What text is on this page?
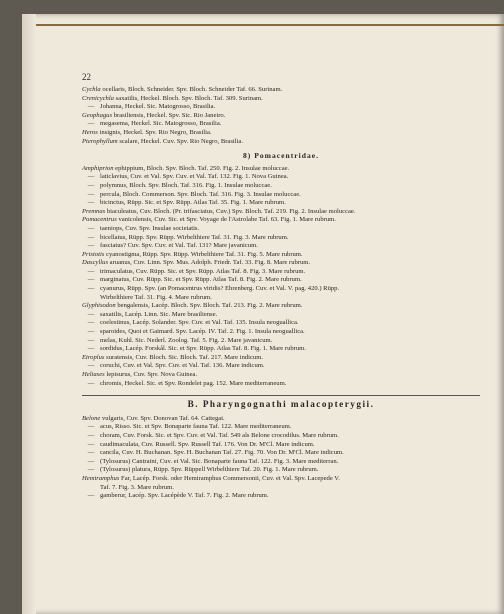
22
Cychla ocellaris, Bloch. Schneider. Spv. Bloch. Schneider Taf. 66. Surinam.
Crenicychla saxatilis, Heckel. Bloch. Spv. Bloch. Taf. 309. Surinam.
— Johanna, Heckel. Sic. Matogrosso, Brasilia.
Geophagus brasiliensis, Heckel. Spv. Sic. Rio Janeiro.
— megasema, Heckel. Sic. Matogrosso, Brasilia.
Heros insignis, Heckel. Spv. Rio Negro, Brasilia.
Pterophyllum scalare, Heckel. Cuv. Spv. Rio Negro, Brasilia.
8) Pomacentridae.
Amphiprion ephippium, Bloch. Spv. Bloch. Taf. 250. Fig. 2. Insulae moluccae.
— laticlavius, Cuv. et Val. Spv. Cuv. et Val. Taf. 132. Fig. 1. Nova Guinea.
— polymnus, Bloch. Spv. Bloch. Taf. 316. Fig. 1. Insulae moluccae.
— percula, Bloch. Commerson. Spv. Bloch. Taf. 316. Fig. 3. Insulae moluccae.
— bicinctus, Rüpp. Sic. et Spv. Rüpp. Atlas Taf. 35. Fig. 1. Mare rubrum.
Premnas biaculeatus, Cuv. Bloch. (Pr. trifasciatus, Cuv.) Spv. Bloch. Taf. 219. Fig. 2. Insulae moluccae.
Pomacentrus vanicolensis, Cuv. Sic. et Spv. Voyage de l'Astrolabe Taf. 63. Fig. 1. Mare rubrum.
— taeniops, Cuv. Spv. Insulae societatis.
— bicellatus, Rüpp. Spv. Rüpp. Wirbelthiere Taf. 31. Fig. 3. Mare rubrum.
— fasciatus? Cuv. Spv. Cuv. et Val. Taf. 131? Mare javanicum.
Pristotis cyanostigma, Rüpp. Spv. Rüpp. Wirbelthiere Taf. 31. Fig. 5. Mare rubrum.
Dascyllus aruanus, Cuv. Linn. Spv. Mus. Adolph. Friedr. Taf. 33. Fig. 8. Mare rubrum.
— trimaculatus, Cuv. Rüpp. Sic. et Spv. Rüpp. Atlas Taf. 8. Fig. 3. Mare rubrum.
— marginatus, Cuv. Rüpp. Sic. et Spv. Rüpp. Atlas Taf. 8. Fig. 2. Mare rubrum.
— cyanurus, Rüpp. Spv. (an Pomacentrus viridis? Ehrenberg. Cuv. et Val. V. pag. 420.) Rüpp.
Wirbelthiere Taf. 31. Fig. 4. Mare rubrum.
Glyphisodon bengalensis, Lacép. Bloch. Spv. Bloch. Taf. 213. Fig. 2. Mare rubrum.
— saxatilis, Lacép. Linn. Sic. Mare brasiliense.
— coelestinus, Lacép. Solander. Spv. Cuv. et Val. Taf. 135. Insula neoguallica.
— sparoides, Quoi et Gaimard. Spv. Lacép. IV. Taf. 2. Fig. 1. Insula neoguallica.
— melas, Kuhl. Sic. Nederl. Zoolog. Taf. 5. Fig. 2. Mare javanicum.
— sordidus, Lacép. Forskål. Sic. et Spv. Rüpp. Atlas Taf. 8. Fig. 1. Mare rubrum.
Etroplus suratensis, Cuv. Bloch. Sic. Bloch. Taf. 217. Mare indicum.
— coruchi, Cuv. et Val. Spv. Cuv. et Val. Taf. 136. Mare indicum.
Heliases lepisurus, Cuv. Spv. Nova Guinea.
— chromis, Heckel. Sic. et Spv. Rondelet pag. 152. Mare mediterraneum.
B. Pharyngognathi malacopterygii.
Belone vulgaris, Cuv. Spv. Donovan Taf. 64. Cattegat.
— acus, Risso. Sic. et Spv. Bonaparte fauna Taf. 122. Mare mediterraneum.
— choram, Cuv. Forsk. Sic. et Spv. Cuv. et Val. Taf. 549 als Belone crocodilus. Mare rubrum.
— caudimaculata, Cuv. Russell. Spv. Russell Taf. 176. Von Dr. M'Cl. Mare indicum.
— cancila, Cuv. H. Buchanan. Spv. H. Buchanan Taf. 27. Fig. 70. Von Dr. M'Cl. Mare indicum.
— (Tylosurus) Cantraini, Cuv. et Val. Sic. Bonaparte fauna Taf. 122. Fig. 3. Mare mediterran.
— (Tylosurus) platura, Rüpp. Spv. Rüppell Wirbelthiere Taf. 20. Fig. 1. Mare rubrum.
Hemiramphus Far, Lacép. Forsk. oder Hemiramphus Commersonii, Cuv. et Val. Spv. Lacepede V.
Taf. 7. Fig. 3. Mare rubrum.
— gamberur, Lacép. Spv. Lacépède V. Taf. 7. Fig. 2. Mare rubrum.
